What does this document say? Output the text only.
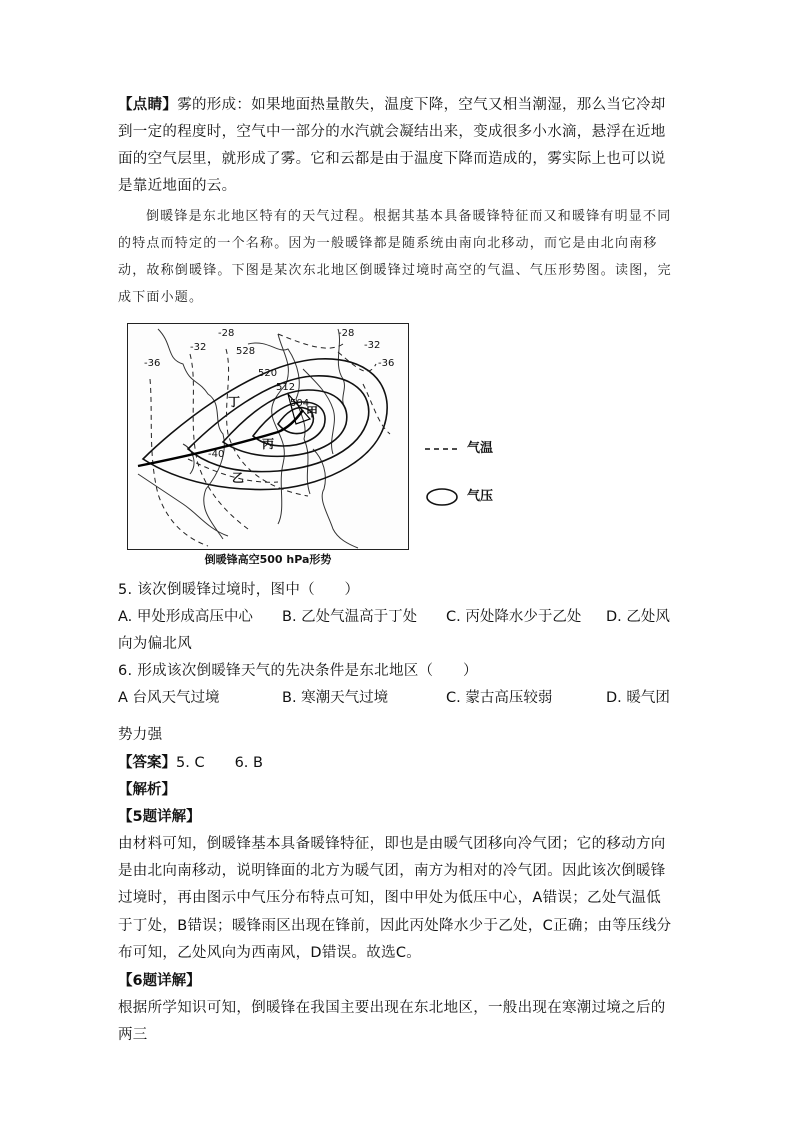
【点睛】雾的形成：如果地面热量散失，温度下降，空气又相当潮湿，那么当它冷却到一定的程度时，空气中一部分的水汽就会凝结出来，变成很多小水滴，悬浮在近地面的空气层里，就形成了雾。它和云都是由于温度下降而造成的，雾实际上也可以说是靠近地面的云。
倒暖锋是东北地区特有的天气过程。根据其基本具备暖锋特征而又和暖锋有明显不同的特点而特定的一个名称。因为一般暖锋都是随系统由南向北移动，而它是由北向南移动，故称倒暖锋。下图是某次东北地区倒暖锋过境时高空的气温、气压形势图。读图，完成下面小题。
-36
-32
-28	-28
-32
-36
-40
528
520
512
504
甲
乙
丙
丁
气温
气压
倒暖锋高空500 hPa形势
5. 该次倒暖锋过境时，图中（　　）
A. 甲处形成高压中心 B. 乙处气温高于丁处 C. 丙处降水少于乙处 D. 乙处风
向为偏北风
6. 形成该次倒暖锋天气的先决条件是东北地区（　　）
A 台风天气过境	B. 寒潮天气过境	C. 蒙古高压较弱	D. 暖气团
势力强
【答案】5. C 6. B
【解析】
【5题详解】
由材料可知，倒暖锋基本具备暖锋特征，即也是由暖气团移向冷气团；它的移动方向是由北向南移动，说明锋面的北方为暖气团，南方为相对的冷气团。因此该次倒暖锋过境时，再由图示中气压分布特点可知，图中甲处为低压中心，A错误；乙处气温低于丁处，B错误；暖锋雨区出现在锋前，因此丙处降水少于乙处，C正确；由等压线分布可知，乙处风向为西南风，D错误。故选C。
【6题详解】
根据所学知识可知，倒暖锋在我国主要出现在东北地区，一般出现在寒潮过境之后的两三
